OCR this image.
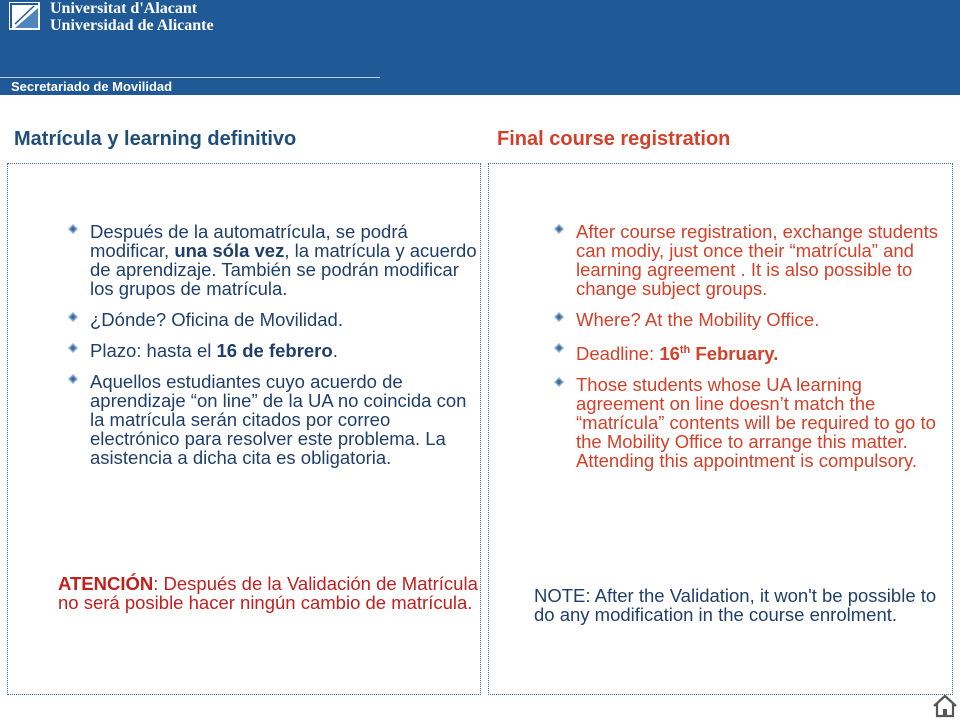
Universitat d'Alacant
Universidad de Alicante
Secretariado de Movilidad
Matrícula y learning definitivo	Final course registration
Después de la automatrícula, se podrá modificar, una sóla vez, la matrícula y acuerdo de aprendizaje. También se podrán modificar los grupos de matrícula.
¿Dónde? Oficina de Movilidad.
Plazo: hasta el 16 de febrero.
Aquellos estudiantes cuyo acuerdo de aprendizaje “on line” de la UA no coincida con la matrícula serán citados por correo electrónico para resolver este problema. La asistencia a dicha cita es obligatoria.
ATENCIÓN: Después de la Validación de Matrícula no será posible hacer ningún cambio de matrícula.
After course registration, exchange students can modiy, just once their “matrícula” and learning agreement . It is also possible to change subject groups.
Where? At the Mobility Office.
Deadline: 16th February.
Those students whose UA learning agreement on line doesn’t match the “matrícula” contents will be required to go to the Mobility Office to arrange this matter. Attending this appointment is compulsory.
NOTE: After the Validation, it won't be possible to do any modification in the course enrolment.
